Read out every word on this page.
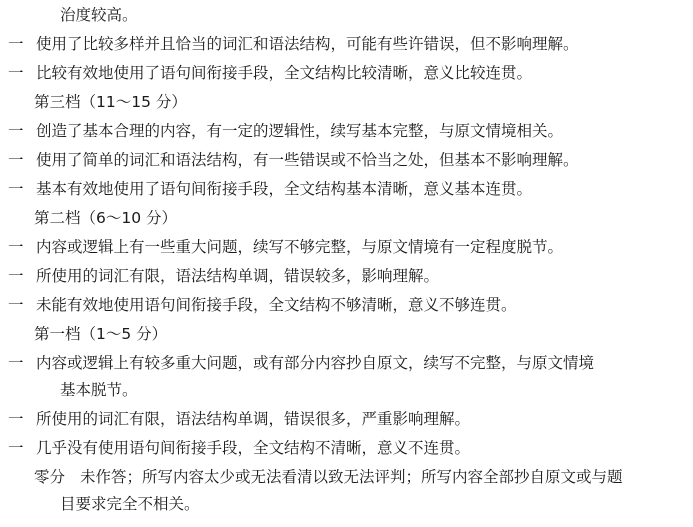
治度较高。
一 使用了比较多样并且恰当的词汇和语法结构，可能有些许错误，但不影响理解。
一 比较有效地使用了语句间衔接手段，全文结构比较清晰，意义比较连贯。
第三档（11～15 分）
一 创造了基本合理的内容，有一定的逻辑性，续写基本完整，与原文情境相关。
一 使用了简单的词汇和语法结构，有一些错误或不恰当之处，但基本不影响理解。
一 基本有效地使用了语句间衔接手段，全文结构基本清晰，意义基本连贯。
第二档（6～10 分）
一 内容或逻辑上有一些重大问题，续写不够完整，与原文情境有一定程度脱节。
一 所使用的词汇有限，语法结构单调，错误较多，影响理解。
一 未能有效地使用语句间衔接手段，全文结构不够清晰，意义不够连贯。
第一档（1～5 分）
一 内容或逻辑上有较多重大问题，或有部分内容抄自原文，续写不完整，与原文情境
基本脱节。
一 所使用的词汇有限，语法结构单调，错误很多，严重影响理解。
一 几乎没有使用语句间衔接手段，全文结构不清晰，意义不连贯。
零分 未作答；所写内容太少或无法看清以致无法评判；所写内容全部抄自原文或与题
目要求完全不相关。
